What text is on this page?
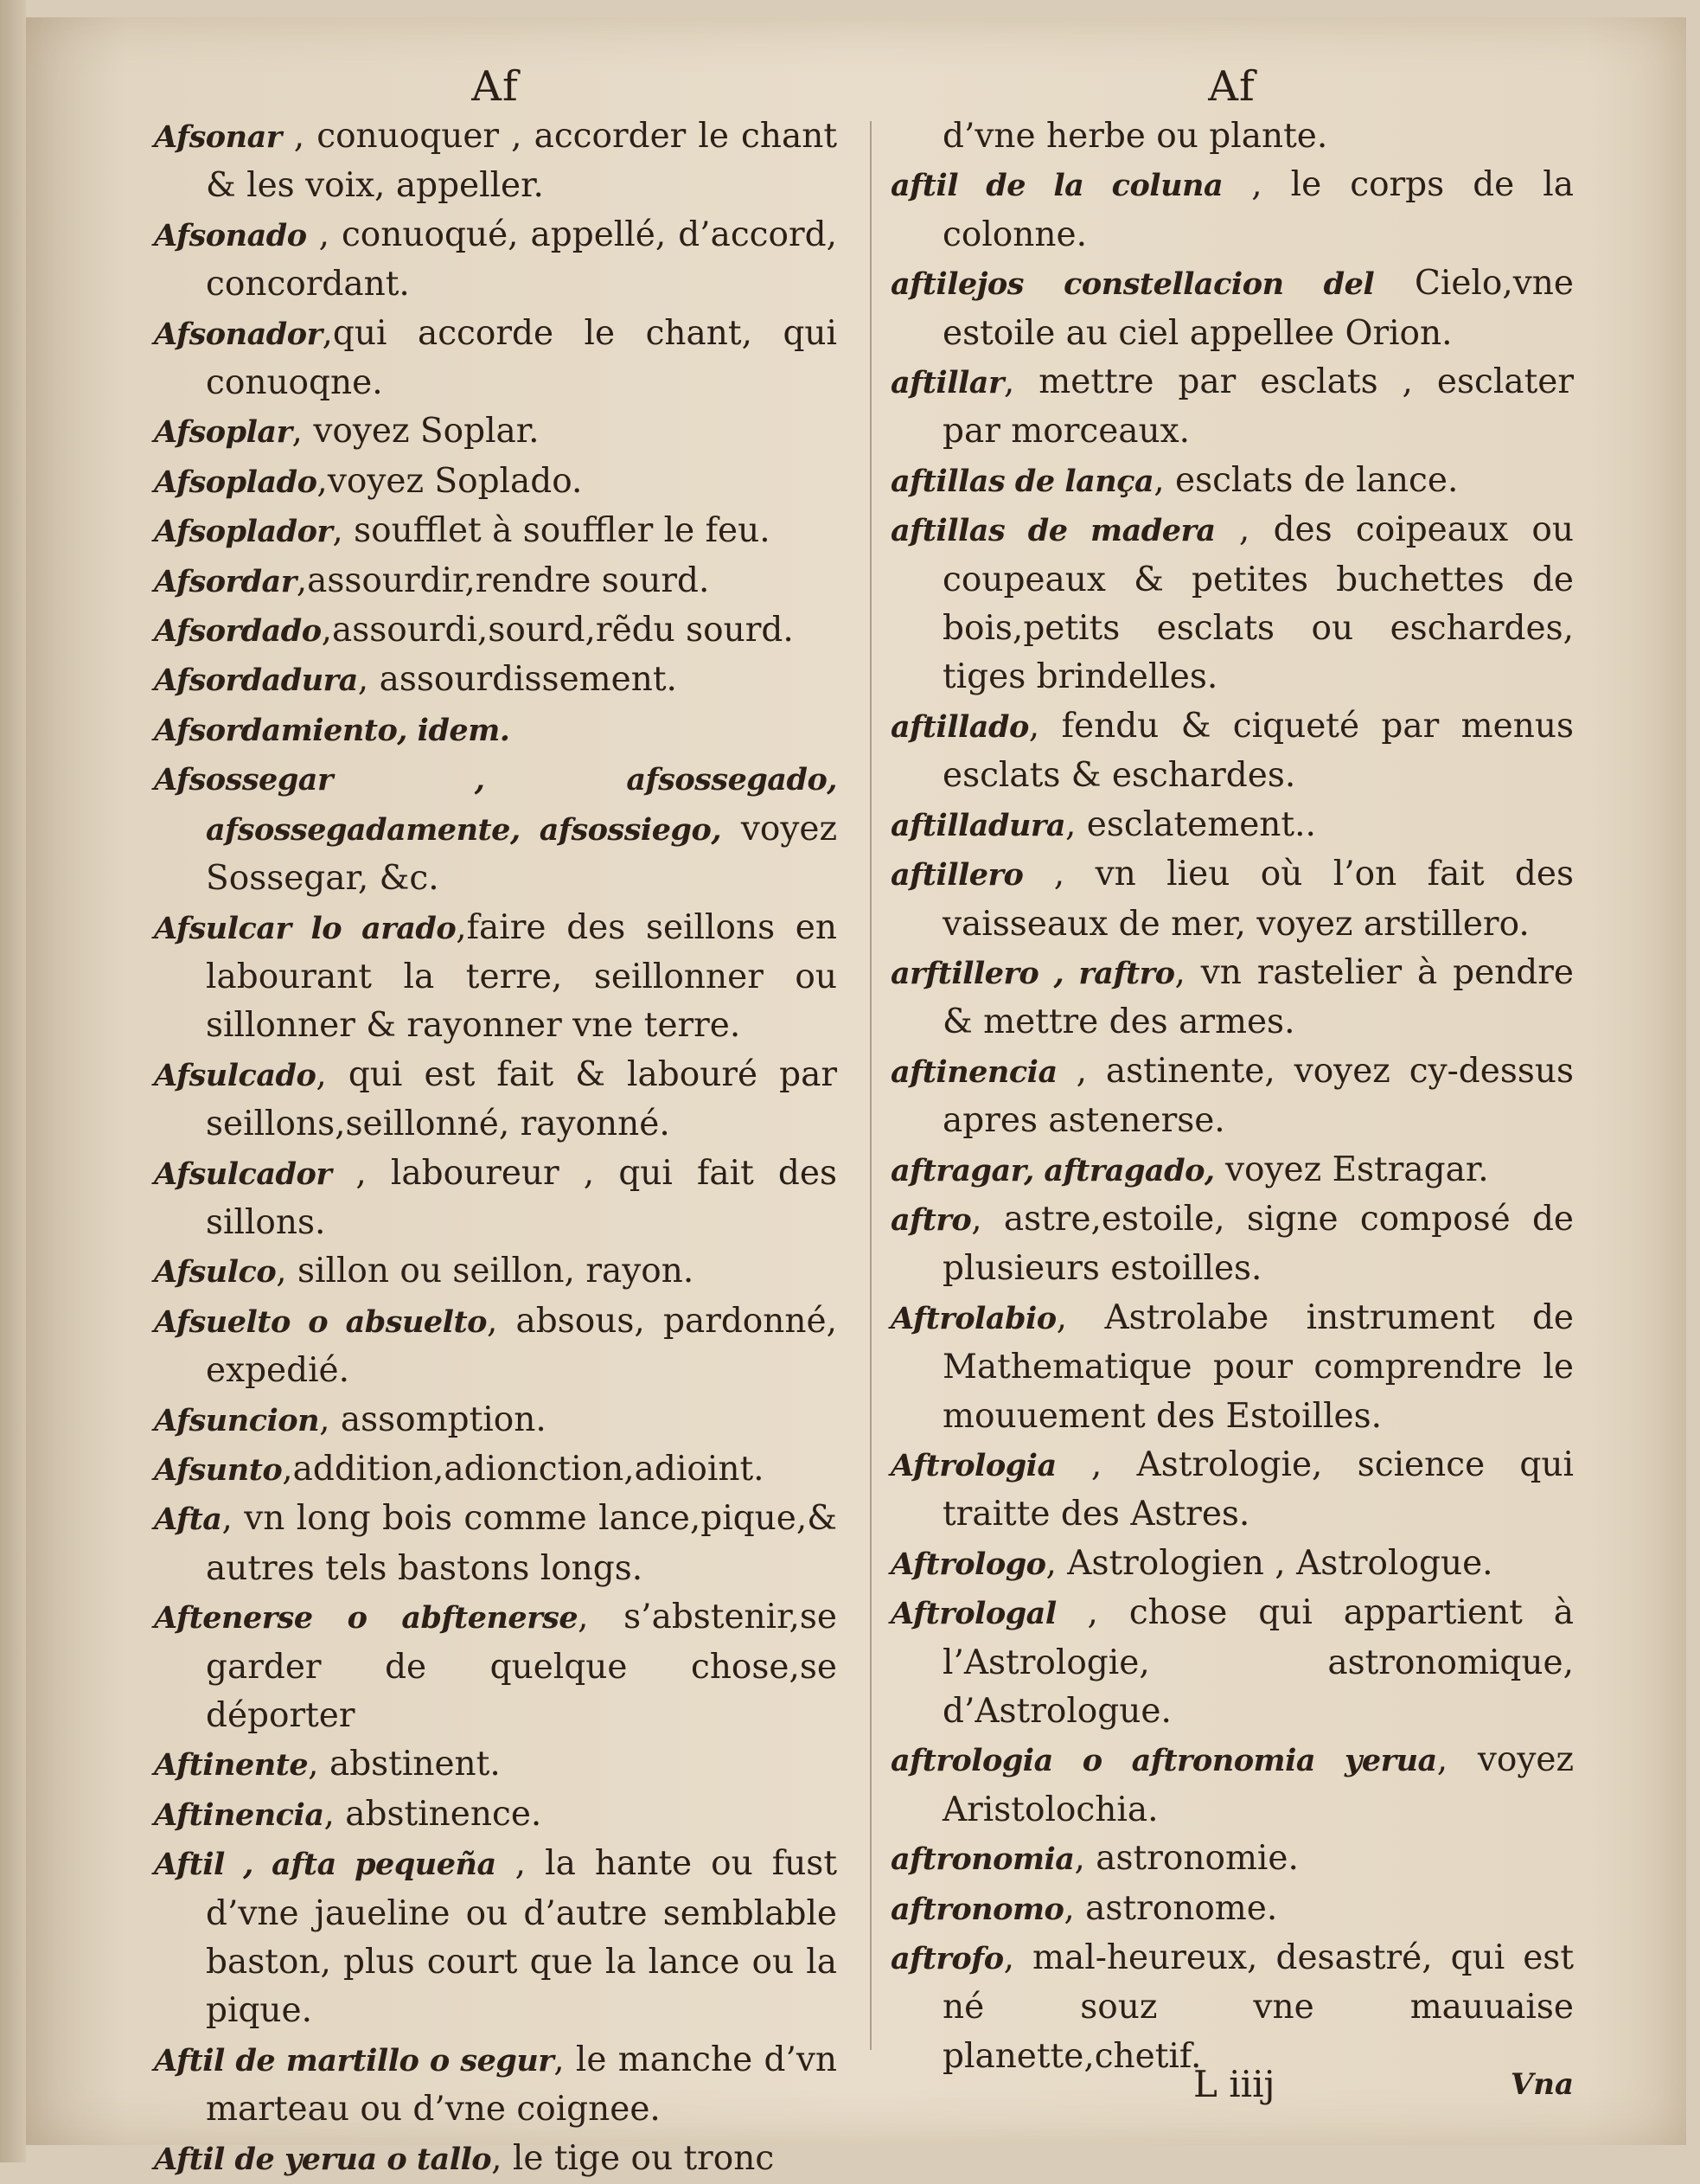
Af

Afsonar , conuoquer , accorder le chant & les voix, appeller.

Afsonado , conuoqué, appellé, d’accord, concordant.

Afsonador,qui accorde le chant, qui conuoqne.

Afsoplar, voyez Soplar.

Afsoplado,voyez Soplado.

Afsoplador, soufflet à souffler le feu.

Afsordar,assourdir,rendre sourd.

Afsordado,assourdi,sourd,rẽdu sourd.

Afsordadura, assourdissement.

Afsordamiento, idem.

Afsossegar , afsossegado, afsossegadamente, afsossiego, voyez Sossegar, &c.

Afsulcar lo arado,faire des seillons en labourant la terre, seillonner ou sillonner & rayonner vne terre.

Afsulcado, qui est fait & labouré par seillons,seillonné, rayonné.

Afsulcador , laboureur , qui fait des sillons.

Afsulco, sillon ou seillon, rayon.

Afsuelto o absuelto, absous, pardonné, expedié.

Afsuncion, assomption.

Afsunto,addition,adionction,adioint.

Afta, vn long bois comme lance,pique,& autres tels bastons longs.

Aftenerse o abftenerse, s’abstenir,se garder de quelque chose,se déporter

Aftinente, abstinent.

Aftinencia, abstinence.

Aftil , afta pequeña , la hante ou fust d’vne jaueline ou d’autre semblable baston, plus court que la lance ou la pique.

Aftil de martillo o segur, le manche d’vn marteau ou d’vne coignee.

Aftil de yerua o tallo, le tige ou tronc

Af

d’vne herbe ou plante.

aftil de la coluna , le corps de la colonne.

aftilejos constellacion del Cielo,vne estoile au ciel appellee Orion.

aftillar, mettre par esclats , esclater par morceaux.

aftillas de lança, esclats de lance.

aftillas de madera , des coipeaux ou coupeaux & petites buchettes de bois,petits esclats ou eschardes, tiges brindelles.

aftillado, fendu & ciqueté par menus esclats & eschardes.

aftilladura, esclatement..

aftillero , vn lieu où l’on fait des vaisseaux de mer, voyez arstillero.

arftillero , raftro, vn rastelier à pendre & mettre des armes.

aftinencia , astinente, voyez cy-dessus apres astenerse.

aftragar, aftragado, voyez Estragar.

aftro, astre,estoile, signe composé de plusieurs estoilles.

Aftrolabio, Astrolabe instrument de Mathematique pour comprendre le mouuement des Estoilles.

Aftrologia , Astrologie, science qui traitte des Astres.

Aftrologo, Astrologien , Astrologue.

Aftrologal , chose qui appartient à l’Astrologie, astronomique, d’Astrologue.

aftrologia o aftronomia yerua, voyez Aristolochia.

aftronomia, astronomie.

aftronomo, astronome.

aftrofo, mal-heureux, desastré, qui est né souz vne mauuaise planette,chetif.

L iiij	Vna
